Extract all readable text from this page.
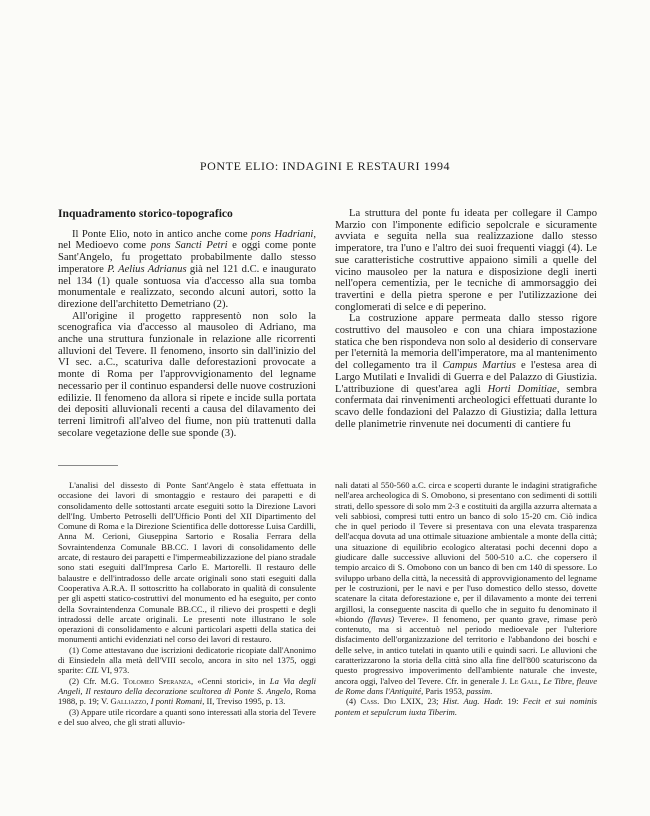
PONTE ELIO: INDAGINI E RESTAURI 1994
Inquadramento storico-topografico

Il Ponte Elio, noto in antico anche come pons Hadriani, nel Medioevo come pons Sancti Petri e oggi come ponte Sant'Angelo, fu progettato probabilmente dallo stesso imperatore P. Aelius Adrianus già nel 121 d.C. e inaugurato nel 134 (1) quale sontuosa via d'accesso alla sua tomba monumentale e realizzato, secondo alcuni autori, sotto la direzione dell'architetto Demetriano (2).

All'origine il progetto rappresentò non solo la scenografica via d'accesso al mausoleo di Adriano, ma anche una struttura funzionale in relazione alle ricorrenti alluvioni del Tevere. Il fenomeno, insorto sin dall'inizio del VI sec. a.C., scaturiva dalle deforestazioni provocate a monte di Roma per l'approvvigionamento del legname necessario per il continuo espandersi delle nuove costruzioni edilizie. Il fenomeno da allora si ripete e incide sulla portata dei depositi alluvionali recenti a causa del dilavamento dei terreni limitrofi all'alveo del fiume, non più trattenuti dalla secolare vegetazione delle sue sponde (3).

La struttura del ponte fu ideata per collegare il Campo Marzio con l'imponente edificio sepolcrale e sicuramente avviata e seguita nella sua realizzazione dallo stesso imperatore, tra l'uno e l'altro dei suoi frequenti viaggi (4). Le sue caratteristiche costruttive appaiono simili a quelle del vicino mausoleo per la natura e disposizione degli inerti nell'opera cementizia, per le tecniche di ammorsaggio dei travertini e della pietra sperone e per l'utilizzazione dei conglomerati di selce e di peperino.

La costruzione appare permeata dallo stesso rigore costruttivo del mausoleo e con una chiara impostazione statica che ben rispondeva non solo al desiderio di conservare per l'eternità la memoria dell'imperatore, ma al mantenimento del collegamento tra il Campus Martius e l'estesa area di Largo Mutilati e Invalidi di Guerra e del Palazzo di Giustizia. L'attribuzione di quest'area agli Horti Domitiae, sembra confermata dai rinvenimenti archeologici effettuati durante lo scavo delle fondazioni del Palazzo di Giustizia; dalla lettura delle planimetrie rinvenute nei documenti di cantiere fu

L'analisi del dissesto di Ponte Sant'Angelo è stata effettuata in occasione dei lavori di smontaggio e restauro dei parapetti e di consolidamento delle sottostanti arcate eseguiti sotto la Direzione Lavori dell'Ing. Umberto Petroselli dell'Ufficio Ponti del XII Dipartimento del Comune di Roma e la Direzione Scientifica delle dottoresse Luisa Cardilli, Anna M. Cerioni, Giuseppina Sartorio e Rosalia Ferrara della Sovraintendenza Comunale BB.CC. I lavori di consolidamento delle arcate, di restauro dei parapetti e l'impermeabilizzazione del piano stradale sono stati eseguiti dall'Impresa Carlo E. Martorelli. Il restauro delle balaustre e dell'intradosso delle arcate originali sono stati eseguiti dalla Cooperativa A.R.A. Il sottoscritto ha collaborato in qualità di consulente per gli aspetti statico-costruttivi del monumento ed ha eseguito, per conto della Sovraintendenza Comunale BB.CC., il rilievo dei prospetti e degli intradossi delle arcate originali. Le presenti note illustrano le sole operazioni di consolidamento e alcuni particolari aspetti della statica dei monumenti antichi evidenziati nel corso dei lavori di restauro.

(1) Come attestavano due iscrizioni dedicatorie ricopiate dall'Anonimo di Einsiedeln alla metà dell'VIII secolo, ancora in sito nel 1375, oggi sparite: CIL VI, 973.

(2) Cfr. M.G. Tolomeo Speranza, «Cenni storici», in La Via degli Angeli, Il restauro della decorazione scultorea di Ponte S. Angelo, Roma 1988, p. 19; V. Galliazzo, I ponti Romani, II, Treviso 1995, p. 13.

(3) Appare utile ricordare a quanti sono interessati alla storia del Tevere e del suo alveo, che gli strati alluvio-

nali datati al 550-560 a.C. circa e scoperti durante le indagini stratigrafiche nell'area archeologica di S. Omobono, si presentano con sedimenti di sottili strati, dello spessore di solo mm 2-3 e costituiti da argilla azzurra alternata a veli sabbiosi, compresi tutti entro un banco di solo 15-20 cm. Ciò indica che in quel periodo il Tevere si presentava con una elevata trasparenza dell'acqua dovuta ad una ottimale situazione ambientale a monte della città; una situazione di equilibrio ecologico alteratasi pochi decenni dopo a giudicare dalle successive alluvioni del 500-510 a.C. che copersero il tempio arcaico di S. Omobono con un banco di ben cm 140 di spessore. Lo sviluppo urbano della città, la necessità di approvvigionamento del legname per le costruzioni, per le navi e per l'uso domestico dello stesso, dovette scatenare la citata deforestazione e, per il dilavamento a monte dei terreni argillosi, la conseguente nascita di quello che in seguito fu denominato il «biondo (flavus) Tevere». Il fenomeno, per quanto grave, rimase però contenuto, ma si accentuò nel periodo medioevale per l'ulteriore disfacimento dell'organizzazione del territorio e l'abbandono dei boschi e delle selve, in antico tutelati in quanto utili e quindi sacri. Le alluvioni che caratterizzarono la storia della città sino alla fine dell'800 scaturiscono da questo progressivo impoverimento dell'ambiente naturale che investe, ancora oggi, l'alveo del Tevere. Cfr. in generale J. Le Gall, Le Tibre, fleuve de Rome dans l'Antiquité, Paris 1953, passim.

(4) Cass. Dio LXIX, 23; Hist. Aug. Hadr. 19: Fecit et sui nominis pontem et sepulcrum iuxta Tiberim.
